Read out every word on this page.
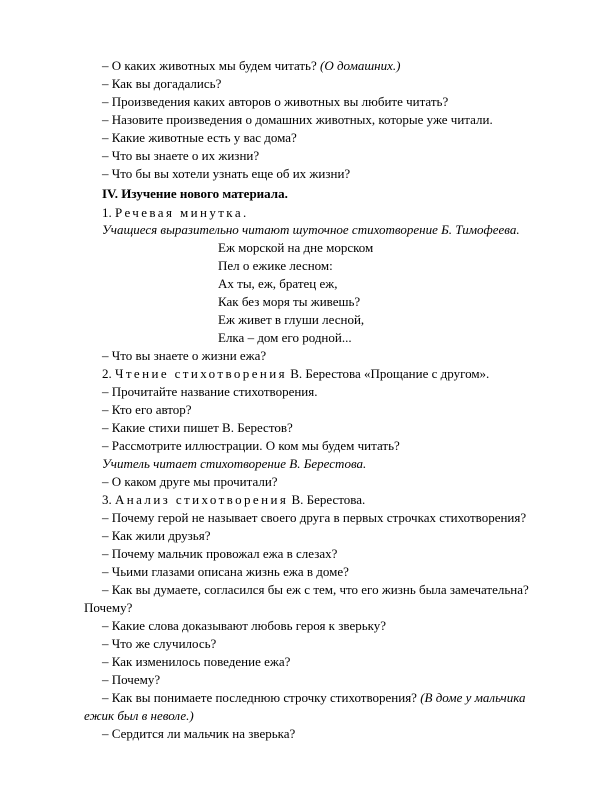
– О каких животных мы будем читать? (О домашних.)
– Как вы догадались?
– Произведения каких авторов о животных вы любите читать?
– Назовите произведения о домашних животных, которые уже читали.
– Какие животные есть у вас дома?
– Что вы знаете о их жизни?
– Что бы вы хотели узнать еще об их жизни?
IV. Изучение нового материала.
1. Речевая минутка.
Учащиеся выразительно читают шуточное стихотворение Б. Тимофеева.
Еж морской на дне морском
Пел о ежике лесном:
Ах ты, еж, братец еж,
Как без моря ты живешь?
Еж живет в глуши лесной,
Елка – дом его родной...
– Что вы знаете о жизни ежа?
2. Чтение стихотворения В. Берестова «Прощание с другом».
– Прочитайте название стихотворения.
– Кто его автор?
– Какие стихи пишет В. Берестов?
– Рассмотрите иллюстрации. О ком мы будем читать?
Учитель читает стихотворение В. Берестова.
– О каком друге мы прочитали?
3. Анализ стихотворения В. Берестова.
– Почему герой не называет своего друга в первых строчках стихотворения?
– Как жили друзья?
– Почему мальчик провожал ежа в слезах?
– Чьими глазами описана жизнь ежа в доме?
– Как вы думаете, согласился бы еж с тем, что его жизнь была замечательна?
Почему?
– Какие слова доказывают любовь героя к зверьку?
– Что же случилось?
– Как изменилось поведение ежа?
– Почему?
– Как вы понимаете последнюю строчку стихотворения? (В доме у мальчика
ежик был в неволе.)
– Сердится ли мальчик на зверька?
